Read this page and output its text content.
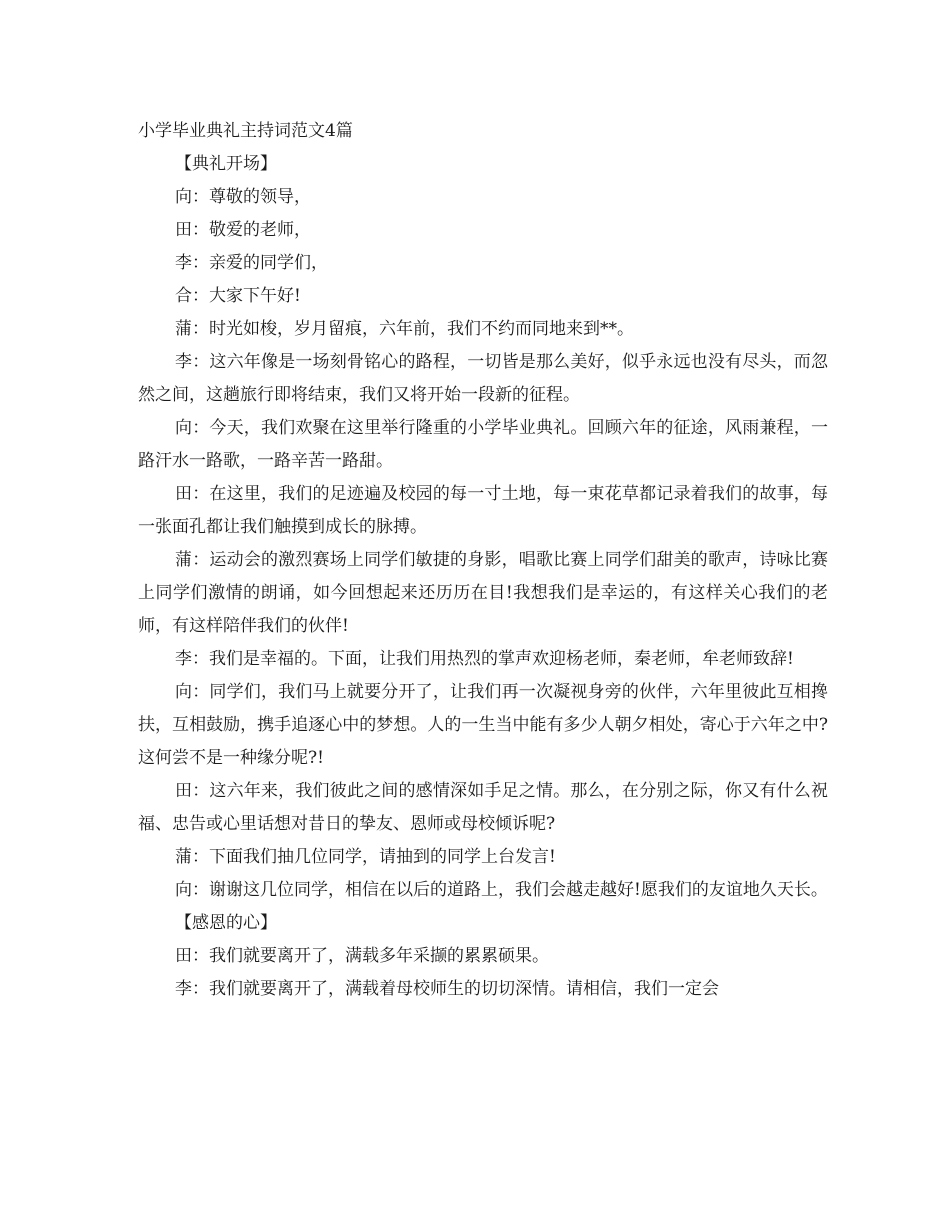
小学毕业典礼主持词范文4篇
【典礼开场】

向：尊敬的领导，

田：敬爱的老师，

李：亲爱的同学们，

合：大家下午好!

蒲：时光如梭，岁月留痕，六年前，我们不约而同地来到**。

李：这六年像是一场刻骨铭心的路程，一切皆是那么美好，似乎永远也没有尽头，而忽然之间，这趟旅行即将结束，我们又将开始一段新的征程。

向：今天，我们欢聚在这里举行隆重的小学毕业典礼。回顾六年的征途，风雨兼程，一路汗水一路歌，一路辛苦一路甜。

田：在这里，我们的足迹遍及校园的每一寸土地，每一束花草都记录着我们的故事，每一张面孔都让我们触摸到成长的脉搏。

蒲：运动会的激烈赛场上同学们敏捷的身影，唱歌比赛上同学们甜美的歌声，诗咏比赛上同学们激情的朗诵，如今回想起来还历历在目!我想我们是幸运的，有这样关心我们的老师，有这样陪伴我们的伙伴!

李：我们是幸福的。下面，让我们用热烈的掌声欢迎杨老师，秦老师，牟老师致辞!

向：同学们，我们马上就要分开了，让我们再一次凝视身旁的伙伴，六年里彼此互相搀扶，互相鼓励，携手追逐心中的梦想。人的一生当中能有多少人朝夕相处，寄心于六年之中?这何尝不是一种缘分呢?!

田：这六年来，我们彼此之间的感情深如手足之情。那么，在分别之际，你又有什么祝福、忠告或心里话想对昔日的挚友、恩师或母校倾诉呢?

蒲：下面我们抽几位同学，请抽到的同学上台发言!

向：谢谢这几位同学，相信在以后的道路上，我们会越走越好!愿我们的友谊地久天长。

【感恩的心】

田：我们就要离开了，满载多年采撷的累累硕果。

李：我们就要离开了，满载着母校师生的切切深情。请相信，我们一定会
